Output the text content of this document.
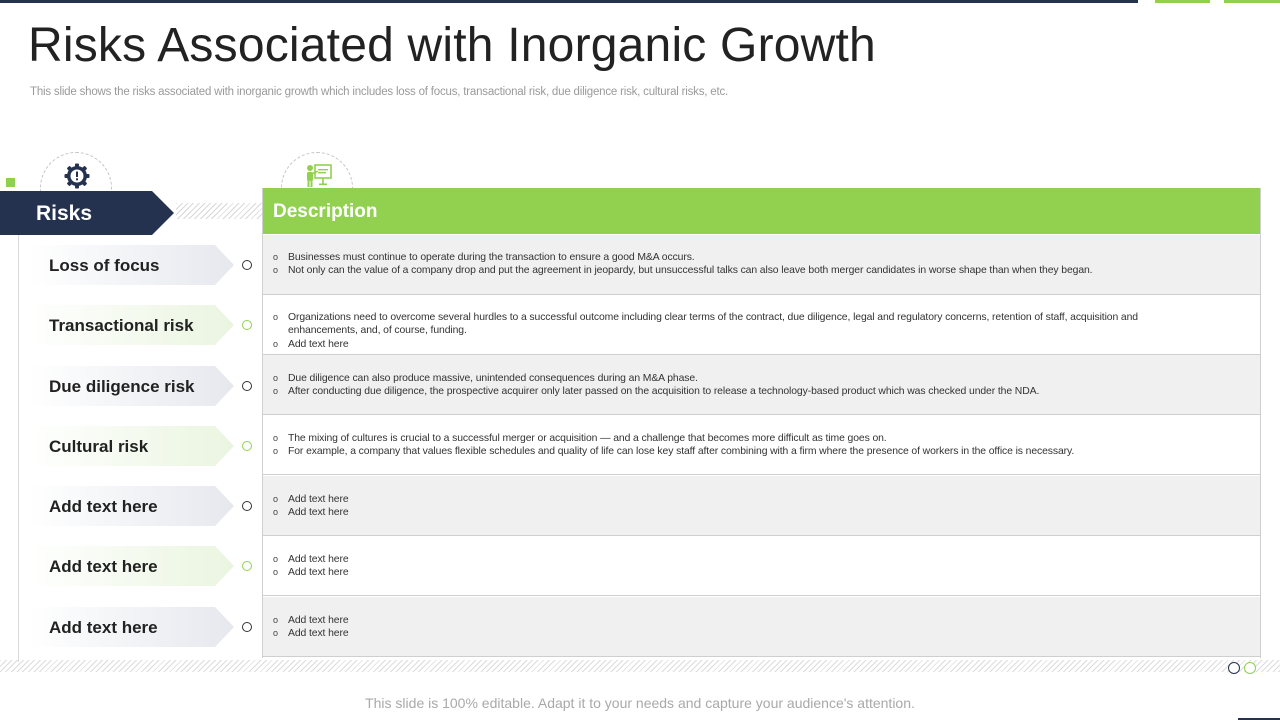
Risks Associated with Inorganic Growth
This slide shows the risks associated with inorganic growth which includes loss of focus, transactional risk, due diligence risk, cultural risks, etc.
Risks	Description
o Businesses must continue to operate during the transaction to ensure a good M&A occurs.
o Not only can the value of a company drop and put the agreement in jeopardy, but unsuccessful talks can also leave both merger candidates in worse shape than when they began.
o Organizations need to overcome several hurdles to a successful outcome including clear terms of the contract, due diligence, legal and regulatory concerns, retention of staff, acquisition and enhancements, and, of course, funding.
o Add text here
o Due diligence can also produce massive, unintended consequences during an M&A phase.
o After conducting due diligence, the prospective acquirer only later passed on the acquisition to release a technology-based product which was checked under the NDA.
o The mixing of cultures is crucial to a successful merger or acquisition — and a challenge that becomes more difficult as time goes on.
o For example, a company that values flexible schedules and quality of life can lose key staff after combining with a firm where the presence of workers in the office is necessary.
o Add text here
o Add text here
o Add text here
o Add text here
o Add text here
o Add text here
Loss of focus
Transactional risk
Due diligence risk
Cultural risk
Add text here
Add text here
Add text here
This slide is 100% editable. Adapt it to your needs and capture your audience's attention.
